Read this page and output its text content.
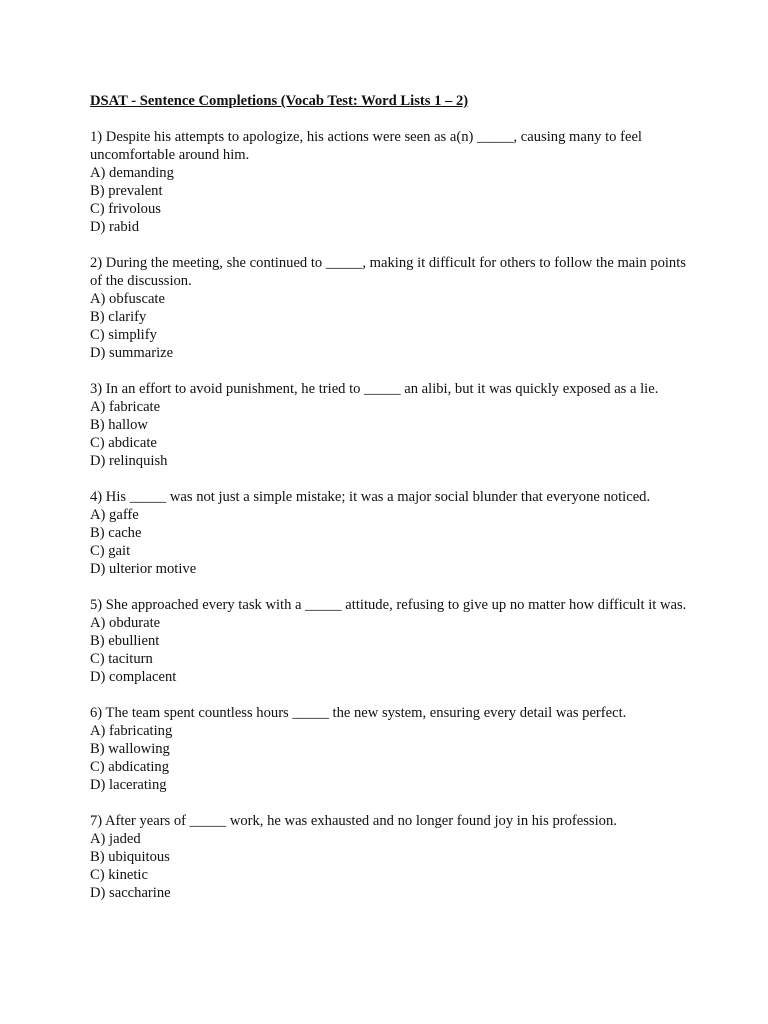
DSAT - Sentence Completions (Vocab Test: Word Lists 1 – 2)

1) Despite his attempts to apologize, his actions were seen as a(n) _____, causing many to feel uncomfortable around him.

A) demanding
B) prevalent
C) frivolous
D) rabid

2) During the meeting, she continued to _____, making it difficult for others to follow the main points of the discussion.

A) obfuscate
B) clarify
C) simplify
D) summarize

3) In an effort to avoid punishment, he tried to _____ an alibi, but it was quickly exposed as a lie.

A) fabricate
B) hallow
C) abdicate
D) relinquish

4) His _____ was not just a simple mistake; it was a major social blunder that everyone noticed.

A) gaffe
B) cache
C) gait
D) ulterior motive

5) She approached every task with a _____ attitude, refusing to give up no matter how difficult it was.

A) obdurate
B) ebullient
C) taciturn
D) complacent

6) The team spent countless hours _____ the new system, ensuring every detail was perfect.

A) fabricating
B) wallowing
C) abdicating
D) lacerating

7) After years of _____ work, he was exhausted and no longer found joy in his profession.

A) jaded
B) ubiquitous
C) kinetic
D) saccharine
